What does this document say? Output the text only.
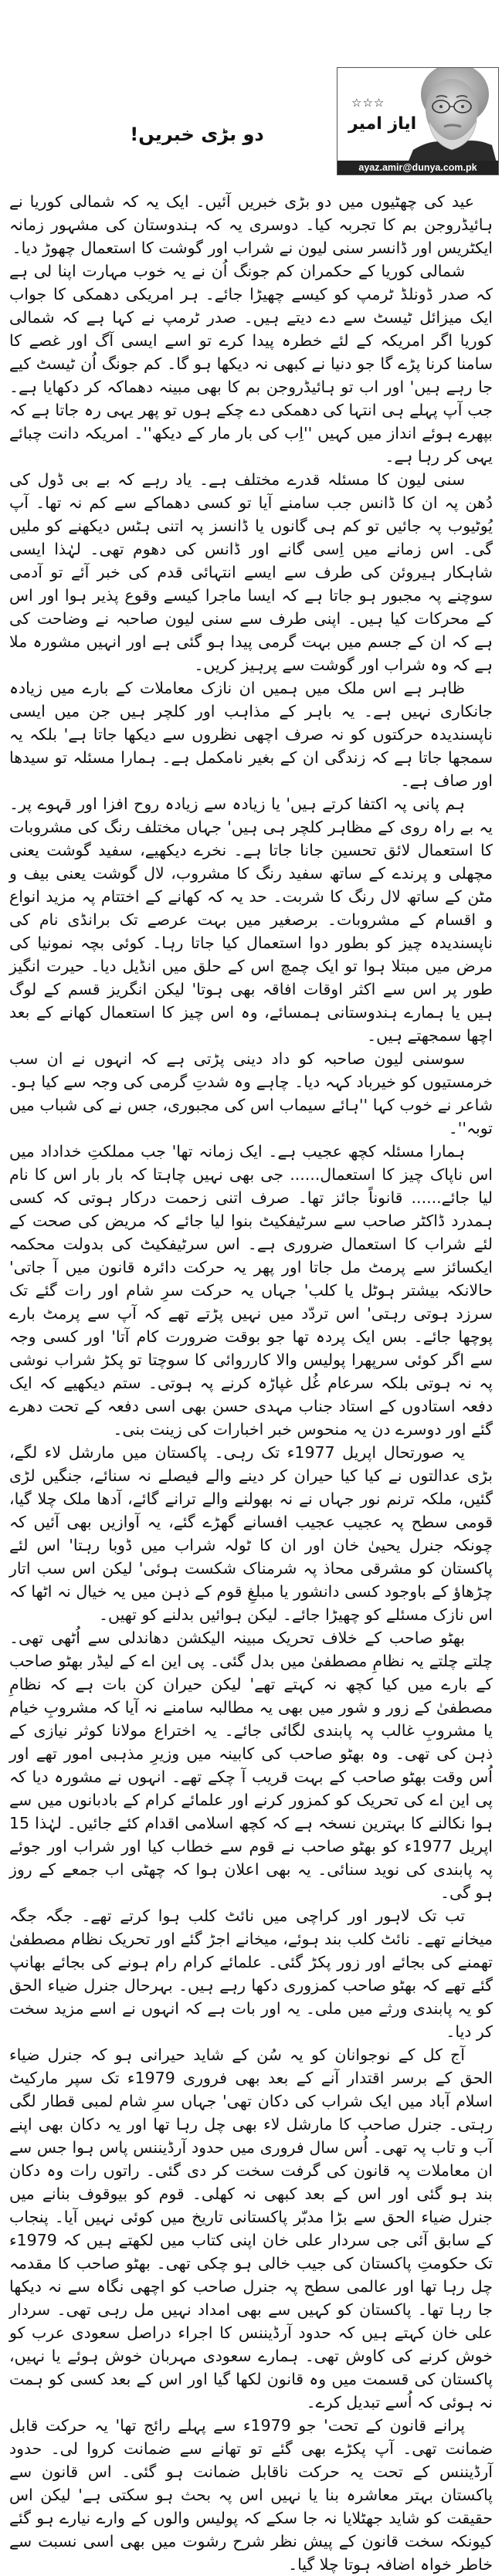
دو بڑی خبریں!
☆☆☆
ایاز امیر
ayaz.amir@dunya.com.pk

عید کی چھٹیوں میں دو بڑی خبریں آئیں۔ ایک یہ کہ شمالی کوریا نے ہائیڈروجن بم کا تجربہ کیا۔ دوسری یہ کہ ہندوستان کی مشہور زمانہ ایکٹریس اور ڈانسر سنی لیون نے شراب اور گوشت کا استعمال چھوڑ دیا۔

شمالی کوریا کے حکمران کم جونگ اُن نے یہ خوب مہارت اپنا لی ہے کہ صدر ڈونلڈ ٹرمپ کو کیسے چھیڑا جائے۔ ہر امریکی دھمکی کا جواب ایک میزائل ٹیسٹ سے دے دیتے ہیں۔ صدر ٹرمپ نے کہا ہے کہ شمالی کوریا اگر امریکہ کے لئے خطرہ پیدا کرے تو اسے ایسی آگ اور غصے کا سامنا کرنا پڑے گا جو دنیا نے کبھی نہ دیکھا ہو گا۔ کم جونگ اُن ٹیسٹ کیے جا رہے ہیں' اور اب تو ہائیڈروجن بم کا بھی مبینہ دھماکہ کر دکھایا ہے۔ جب آپ پہلے ہی انتہا کی دھمکی دے چکے ہوں تو پھر یہی رہ جاتا ہے کہ بپھرے ہوئے انداز میں کہیں ''اِب کی بار مار کے دیکھ''۔ امریکہ دانت چبائے یہی کر رہا ہے۔

سنی لیون کا مسئلہ قدرے مختلف ہے۔ یاد رہے کہ بے بی ڈول کی دُھن پہ ان کا ڈانس جب سامنے آیا تو کسی دھماکے سے کم نہ تھا۔ آپ یُوٹیوب پہ جائیں تو کم ہی گانوں یا ڈانسز پہ اتنی ہٹس دیکھنے کو ملیں گی۔ اس زمانے میں اِسی گانے اور ڈانس کی دھوم تھی۔ لہٰذا ایسی شاہکار ہیروئن کی طرف سے ایسے انتہائی قدم کی خبر آئے تو آدمی سوچنے پہ مجبور ہو جاتا ہے کہ ایسا ماجرا کیسے وقوع پذیر ہوا اور اس کے محرکات کیا ہیں۔ اپنی طرف سے سنی لیون صاحبہ نے وضاحت کی ہے کہ ان کے جسم میں بہت گرمی پیدا ہو گئی ہے اور انہیں مشورہ ملا ہے کہ وہ شراب اور گوشت سے پرہیز کریں۔

ظاہر ہے اس ملک میں ہمیں ان نازک معاملات کے بارے میں زیادہ جانکاری نہیں ہے۔ یہ باہر کے مذاہب اور کلچر ہیں جن میں ایسی ناپسندیدہ حرکتوں کو نہ صرف اچھی نظروں سے دیکھا جاتا ہے' بلکہ یہ سمجھا جاتا ہے کہ زندگی ان کے بغیر نامکمل ہے۔ ہمارا مسئلہ تو سیدھا اور صاف ہے۔

ہم پانی پہ اکتفا کرتے ہیں' یا زیادہ سے زیادہ روح افزا اور قہوے پر۔ یہ بے راہ روی کے مظاہر کلچر ہی ہیں' جہاں مختلف رنگ کی مشروبات کا استعمال لائق تحسین جانا جاتا ہے۔ نخرے دیکھیے، سفید گوشت یعنی مچھلی و پرندے کے ساتھ سفید رنگ کا مشروب، لال گوشت یعنی بیف و مٹن کے ساتھ لال رنگ کا شربت۔ حد یہ کہ کھانے کے اختتام پہ مزید انواع و اقسام کے مشروبات۔ برصغیر میں بہت عرصے تک برانڈی نام کی ناپسندیدہ چیز کو بطور دوا استعمال کیا جاتا رہا۔ کوئی بچہ نمونیا کی مرض میں مبتلا ہوا تو ایک چمچ اس کے حلق میں انڈیل دیا۔ حیرت انگیز طور پر اس سے اکثر اوقات افاقہ بھی ہوتا' لیکن انگریز قسم کے لوگ ہیں یا ہمارے ہندوستانی ہمسائے، وہ اس چیز کا استعمال کھانے کے بعد اچھا سمجھتے ہیں۔

سوسنی لیون صاحبہ کو داد دینی پڑتی ہے کہ انہوں نے ان سب خرمستیوں کو خیرباد کہہ دیا۔ چاہے وہ شدتِ گرمی کی وجہ سے کیا ہو۔ شاعر نے خوب کہا ''ہائے سیماب اس کی مجبوری، جس نے کی شباب میں توبہ''۔

ہمارا مسئلہ کچھ عجیب ہے۔ ایک زمانہ تھا' جب مملکتِ خداداد میں اس ناپاک چیز کا استعمال...... جی بھی نہیں چاہتا کہ بار بار اس کا نام لیا جائے...... قانوناً جائز تھا۔ صرف اتنی زحمت درکار ہوتی کہ کسی ہمدرد ڈاکٹر صاحب سے سرٹیفکیٹ بنوا لیا جائے کہ مریض کی صحت کے لئے شراب کا استعمال ضروری ہے۔ اس سرٹیفکیٹ کی بدولت محکمہ ایکسائز سے پرمٹ مل جاتا اور پھر یہ حرکت دائرہ قانون میں آ جاتی' حالانکہ بیشتر ہوٹل یا کلب' جہاں یہ حرکت سرِ شام اور رات گئے تک سرزد ہوتی رہتی' اس تردّد میں نہیں پڑتے تھے کہ آپ سے پرمٹ بارے پوچھا جائے۔ بس ایک پردہ تھا جو بوقت ضرورت کام آتا' اور کسی وجہ سے اگر کوئی سرپھرا پولیس والا کارروائی کا سوچتا تو پکڑ شراب نوشی پہ نہ ہوتی بلکہ سرعام غُل غپاڑہ کرنے پہ ہوتی۔ ستم دیکھیے کہ ایک دفعہ استادوں کے استاد جناب مہدی حسن بھی اسی دفعہ کے تحت دھرے گئے اور دوسرے دن یہ منحوس خبر اخبارات کی زینت بنی۔

یہ صورتحال اپریل 1977ء تک رہی۔ پاکستان میں مارشل لاء لگے، بڑی عدالتوں نے کیا کیا حیران کر دینے والے فیصلے نہ سنائے، جنگیں لڑی گئیں، ملکہ ترنم نور جہاں نے نہ بھولنے والے ترانے گائے، آدھا ملک چلا گیا، قومی سطح پہ عجیب عجیب افسانے گھڑے گئے، یہ آوازیں بھی آئیں کہ چونکہ جنرل یحییٰ خان اور ان کا ٹولہ شراب میں ڈوبا رہتا' اس لئے پاکستان کو مشرقی محاذ پہ شرمناک شکست ہوئی' لیکن اس سب اتار چڑھاؤ کے باوجود کسی دانشور یا مبلغِ قوم کے ذہن میں یہ خیال نہ اٹھا کہ اس نازک مسئلے کو چھیڑا جائے۔ لیکن ہوائیں بدلنے کو تھیں۔

بھٹو صاحب کے خلاف تحریک مبینہ الیکشن دھاندلی سے اُٹھی تھی۔ چلتے چلتے یہ نظامِ مصطفیٰ میں بدل گئی۔ پی این اے کے لیڈر بھٹو صاحب کے بارے میں کیا کچھ نہ کہتے تھے' لیکن حیران کن بات ہے کہ نظامِ مصطفیٰ کے زور و شور میں بھی یہ مطالبہ سامنے نہ آیا کہ مشروبِ خیام یا مشروبِ غالب پہ پابندی لگائی جائے۔ یہ اختراع مولانا کوثر نیازی کے ذہن کی تھی۔ وہ بھٹو صاحب کی کابینہ میں وزیرِ مذہبی امور تھے اور اُس وقت بھٹو صاحب کے بہت قریب آ چکے تھے۔ انہوں نے مشورہ دیا کہ پی این اے کی تحریک کو کمزور کرنے اور علمائے کرام کے بادبانوں میں سے ہوا نکالنے کا بہترین نسخہ ہے کہ کچھ اسلامی اقدام کئے جائیں۔ لہٰذا 15 اپریل 1977ء کو بھٹو صاحب نے قوم سے خطاب کیا اور شراب اور جوئے پہ پابندی کی نوید سنائی۔ یہ بھی اعلان ہوا کہ چھٹی اب جمعے کے روز ہو گی۔

تب تک لاہور اور کراچی میں نائٹ کلب ہوا کرتے تھے۔ جگہ جگہ میخانے تھے۔ نائٹ کلب بند ہوئے، میخانے اجڑ گئے اور تحریک نظام مصطفیٰ تھمنے کی بجائے اور زور پکڑ گئی۔ علمائے کرام رام ہونے کی بجائے بھانپ گئے تھے کہ بھٹو صاحب کمزوری دکھا رہے ہیں۔ بہرحال جنرل ضیاء الحق کو یہ پابندی ورثے میں ملی۔ یہ اور بات ہے کہ انہوں نے اسے مزید سخت کر دیا۔

آج کل کے نوجوانان کو یہ سُن کے شاید حیرانی ہو کہ جنرل ضیاء الحق کے برسر اقتدار آنے کے بعد بھی فروری 1979ء تک سپر مارکیٹ اسلام آباد میں ایک شراب کی دکان تھی' جہاں سرِ شام لمبی قطار لگی رہتی۔ جنرل صاحب کا مارشل لاء بھی چل رہا تھا اور یہ دکان بھی اپنے آب و تاب پہ تھی۔ اُس سال فروری میں حدود آرڈیننس پاس ہوا جس سے ان معاملات پہ قانون کی گرفت سخت کر دی گئی۔ راتوں رات وہ دکان بند ہو گئی اور اس کے بعد کبھی نہ کھلی۔ قوم کو بیوقوف بنانے میں جنرل ضیاء الحق سے بڑا مدبّر پاکستانی تاریخ میں کوئی نہیں آیا۔ پنجاب کے سابق آئی جی سردار علی خان اپنی کتاب میں لکھتے ہیں کہ 1979ء تک حکومتِ پاکستان کی جیب خالی ہو چکی تھی۔ بھٹو صاحب کا مقدمہ چل رہا تھا اور عالمی سطح پہ جنرل صاحب کو اچھی نگاہ سے نہ دیکھا جا رہا تھا۔ پاکستان کو کہیں سے بھی امداد نہیں مل رہی تھی۔ سردار علی خان کہتے ہیں کہ حدود آرڈیننس کا اجراء دراصل سعودی عرب کو خوش کرنے کی کاوش تھی۔ ہمارے سعودی مہربان خوش ہوئے یا نہیں، پاکستان کی قسمت میں وہ قانون لکھا گیا اور اس کے بعد کسی کو ہمت نہ ہوئی کہ اُسے تبدیل کرے۔

پرانے قانون کے تحت' جو 1979ء سے پہلے رائج تھا' یہ حرکت قابل ضمانت تھی۔ آپ پکڑے بھی گئے تو تھانے سے ضمانت کروا لی۔ حدود آرڈیننس کے تحت یہ حرکت ناقابل ضمانت ہو گئی۔ اس قانون سے پاکستان بہتر معاشرہ بنا یا نہیں اس پہ بحث ہو سکتی ہے' لیکن اس حقیقت کو شاید جھٹلایا نہ جا سکے کہ پولیس والوں کے وارے نیارے ہو گئے کیونکہ سخت قانون کے پیش نظر شرح رشوت میں بھی اسی نسبت سے خاطر خواہ اضافہ ہوتا چلا گیا۔
